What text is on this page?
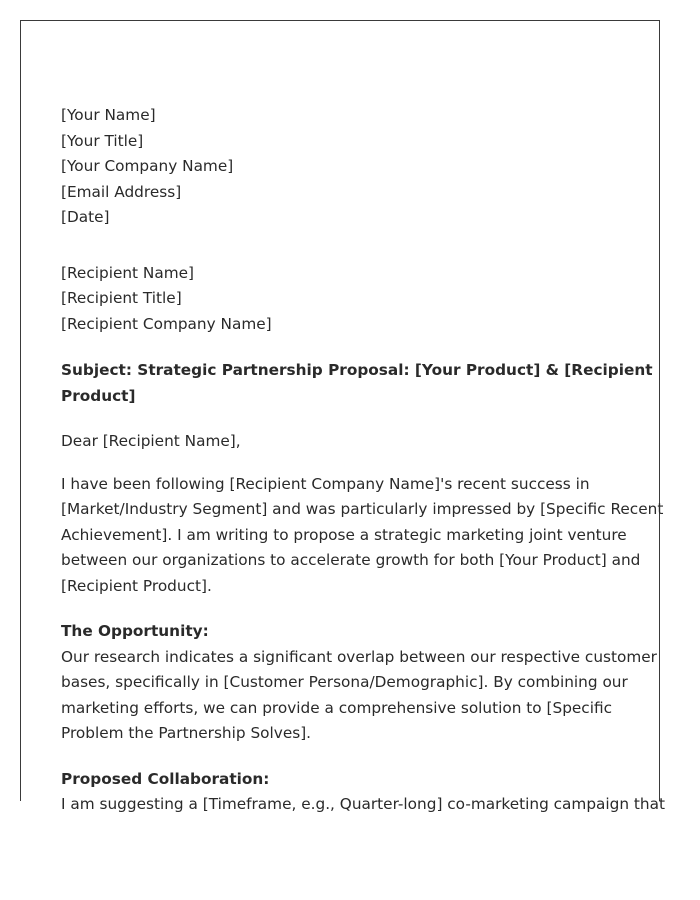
[Your Name]
[Your Title]
[Your Company Name]
[Email Address]
[Date]
[Recipient Name]
[Recipient Title]
[Recipient Company Name]
Subject: Strategic Partnership Proposal: [Your Product] & [Recipient
Product]

Dear [Recipient Name],

I have been following [Recipient Company Name]'s recent success in
[Market/Industry Segment] and was particularly impressed by [Specific Recent
Achievement]. I am writing to propose a strategic marketing joint venture
between our organizations to accelerate growth for both [Your Product] and
[Recipient Product].

The Opportunity:
Our research indicates a significant overlap between our respective customer
bases, specifically in [Customer Persona/Demographic]. By combining our
marketing efforts, we can provide a comprehensive solution to [Specific
Problem the Partnership Solves].
Proposed Collaboration:
I am suggesting a [Timeframe, e.g., Quarter-long] co-marketing campaign that
